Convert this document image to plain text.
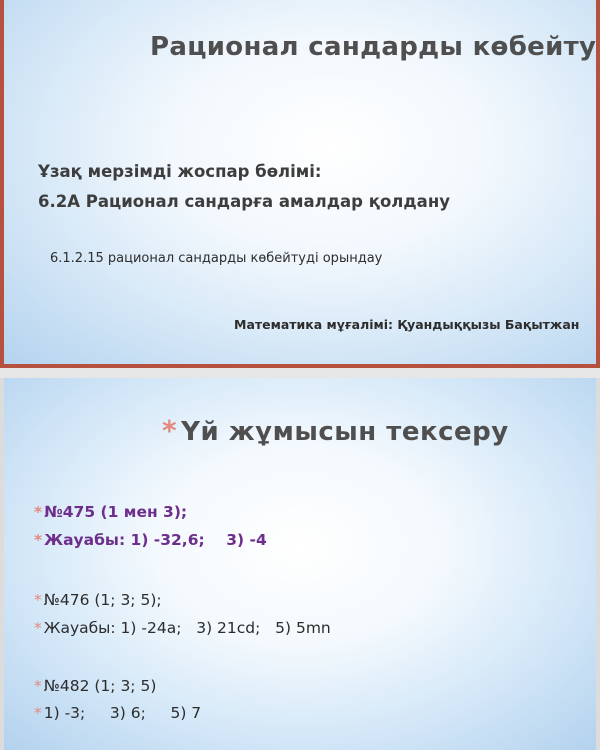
Рационал сандарды көбейту
Ұзақ мерзімді жоспар бөлімі:
6.2А Рационал сандарға амалдар қолдану
6.1.2.15 рационал сандарды көбейтуді орындау
Математика мұғалімі: Қуандыққызы Бақытжан
* Үй жұмысын тексеру
* №475 (1 мен 3);
* Жауабы: 1) -32,6;    3) -4
* №476 (1; 3; 5);
* Жауабы: 1) -24а;   3) 21cd;   5) 5mn
* №482 (1; 3; 5)
* 1) -3;     3) 6;     5) 7
